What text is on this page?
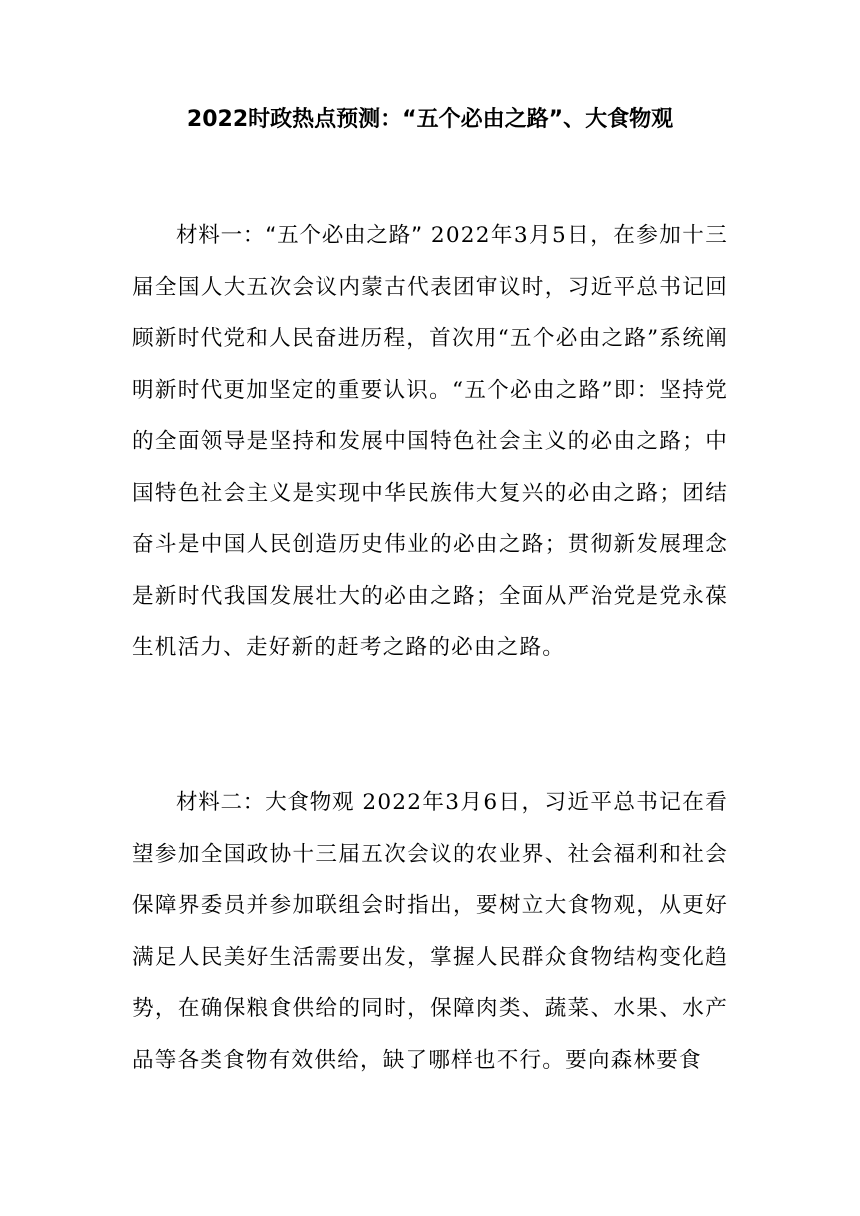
2022时政热点预测：“五个必由之路”、大食物观

材料一：“五个必由之路” 2022年3月5日，在参加十三届全国人大五次会议内蒙古代表团审议时，习近平总书记回顾新时代党和人民奋进历程，首次用“五个必由之路”系统阐明新时代更加坚定的重要认识。“五个必由之路”即：坚持党的全面领导是坚持和发展中国特色社会主义的必由之路；中国特色社会主义是实现中华民族伟大复兴的必由之路；团结奋斗是中国人民创造历史伟业的必由之路；贯彻新发展理念是新时代我国发展壮大的必由之路；全面从严治党是党永葆生机活力、走好新的赶考之路的必由之路。

材料二：大食物观 2022年3月6日，习近平总书记在看望参加全国政协十三届五次会议的农业界、社会福利和社会保障界委员并参加联组会时指出，要树立大食物观，从更好满足人民美好生活需要出发，掌握人民群众食物结构变化趋势，在确保粮食供给的同时，保障肉类、蔬菜、水果、水产品等各类食物有效供给，缺了哪样也不行。要向森林要食
